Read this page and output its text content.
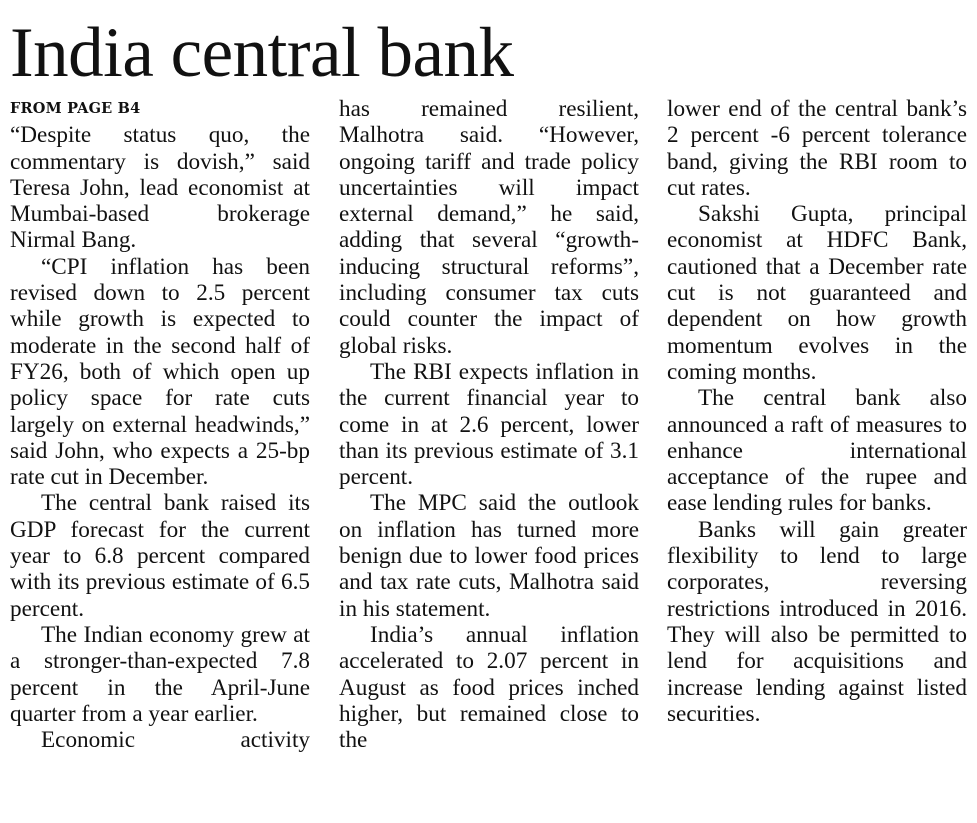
India central bank
FROM PAGE B4

“Despite status quo, the commentary is dovish,” said Teresa John, lead economist at Mumbai-based brokerage Nirmal Bang.

“CPI inflation has been revised down to 2.5 percent while growth is expected to moderate in the second half of FY26, both of which open up policy space for rate cuts largely on external headwinds,” said John, who expects a 25-bp rate cut in December.

The central bank raised its GDP forecast for the current year to 6.8 percent compared with its previous estimate of 6.5 percent.

The Indian economy grew at a stronger-than-expected 7.8 percent in the April-June quarter from a year earlier.

Economic activity

has remained resilient, Malhotra said. “However, ongoing tariff and trade policy uncertainties will impact external demand,” he said, adding that several “growth-inducing structural reforms”, including consumer tax cuts could counter the impact of global risks.

The RBI expects inflation in the current financial year to come in at 2.6 percent, lower than its previous estimate of 3.1 percent.

The MPC said the outlook on inflation has turned more benign due to lower food prices and tax rate cuts, Malhotra said in his statement.

India’s annual inflation accelerated to 2.07 percent in August as food prices inched higher, but remained close to the

lower end of the central bank’s 2 percent -6 percent tolerance band, giving the RBI room to cut rates.

Sakshi Gupta, principal economist at HDFC Bank, cautioned that a December rate cut is not guaranteed and dependent on how growth momentum evolves in the coming months.

The central bank also announced a raft of measures to enhance international acceptance of the rupee and ease lending rules for banks.

Banks will gain greater flexibility to lend to large corporates, reversing restrictions introduced in 2016. They will also be permitted to lend for acquisitions and increase lending against listed securities.
